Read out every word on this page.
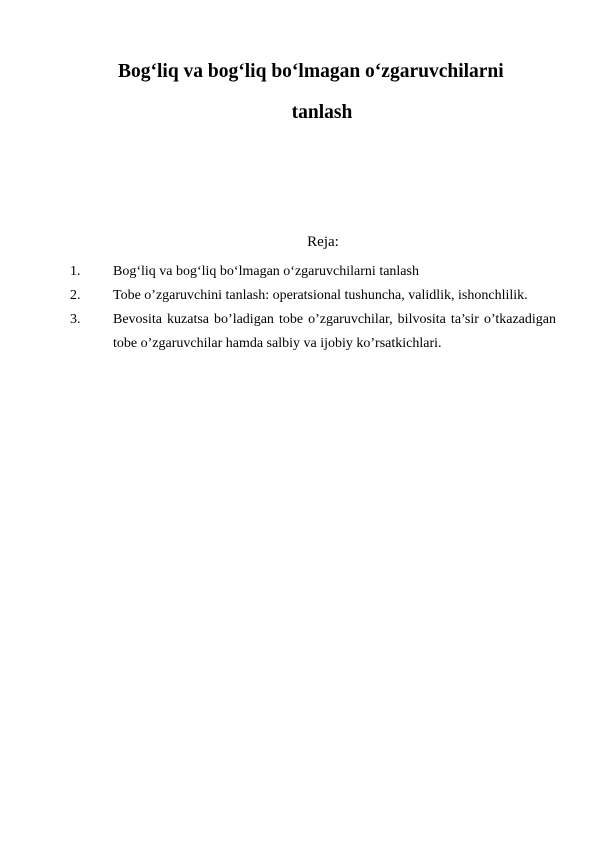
Bog‘liq va bog‘liq bo‘lmagan o‘zgaruvchilarni
tanlash
Reja:
1.	Bog‘liq va bog‘liq bo‘lmagan o‘zgaruvchilarni tanlash
2.	Tobe o’zgaruvchini tanlash: operatsional tushuncha, validlik, ishonchlilik.
3.	Bevosita kuzatsa bo’ladigan tobe o’zgaruvchilar, bilvosita ta’sir o’tkazadigan tobe o’zgaruvchilar hamda salbiy va ijobiy ko’rsatkichlari.
